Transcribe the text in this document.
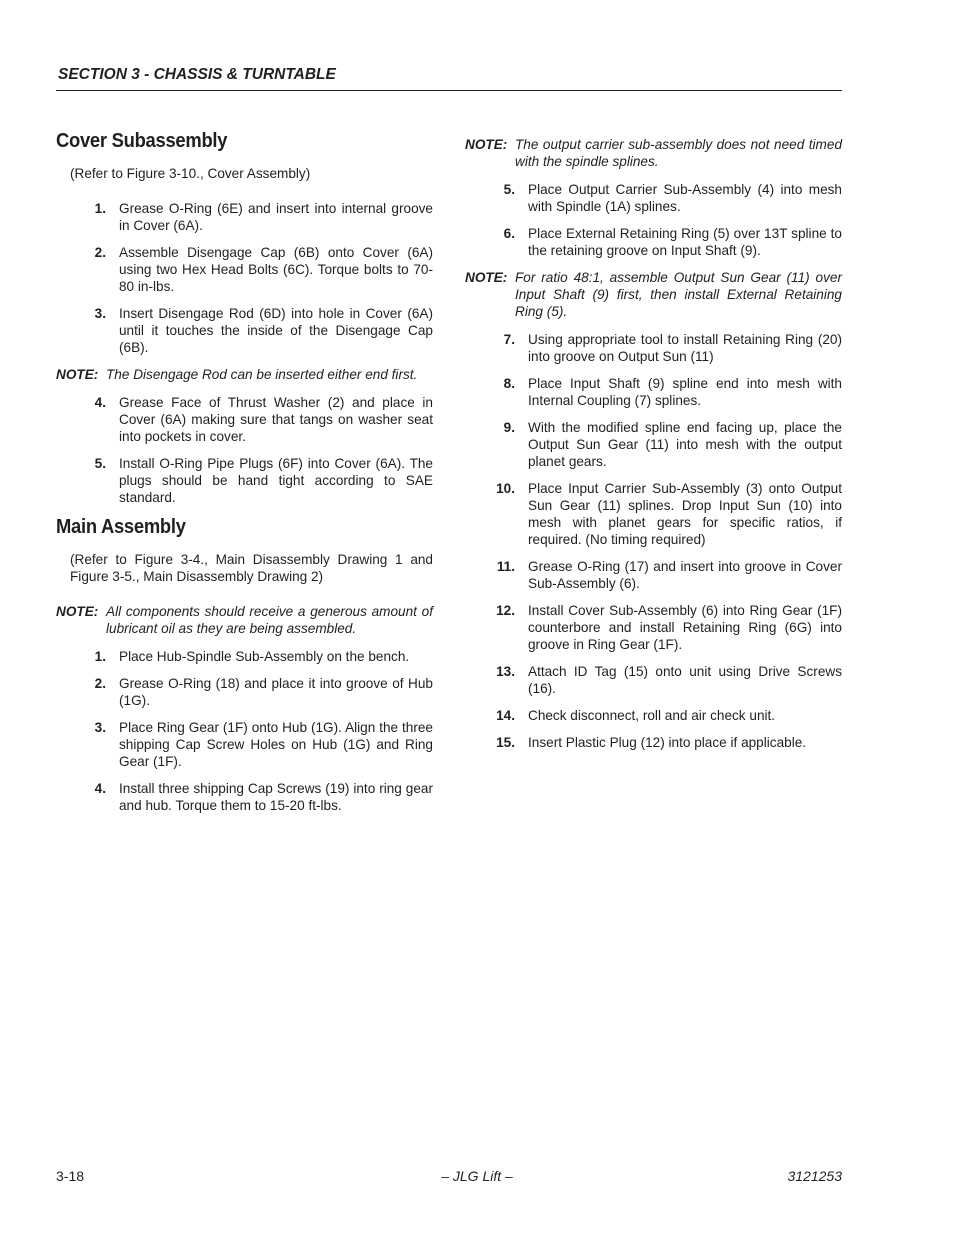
SECTION 3 - CHASSIS & TURNTABLE
Cover Subassembly
(Refer to Figure 3-10., Cover Assembly)
1. Grease O-Ring (6E) and insert into internal groove in Cover (6A).
2. Assemble Disengage Cap (6B) onto Cover (6A) using two Hex Head Bolts (6C). Torque bolts to 70-80 in-lbs.
3. Insert Disengage Rod (6D) into hole in Cover (6A) until it touches the inside of the Disengage Cap (6B).
NOTE: The Disengage Rod can be inserted either end first.
4. Grease Face of Thrust Washer (2) and place in Cover (6A) making sure that tangs on washer seat into pockets in cover.
5. Install O-Ring Pipe Plugs (6F) into Cover (6A). The plugs should be hand tight according to SAE standard.
Main Assembly
(Refer to Figure 3-4., Main Disassembly Drawing 1 and Figure 3-5., Main Disassembly Drawing 2)
NOTE: All components should receive a generous amount of lubricant oil as they are being assembled.
1. Place Hub-Spindle Sub-Assembly on the bench.
2. Grease O-Ring (18) and place it into groove of Hub (1G).
3. Place Ring Gear (1F) onto Hub (1G). Align the three shipping Cap Screw Holes on Hub (1G) and Ring Gear (1F).
4. Install three shipping Cap Screws (19) into ring gear and hub. Torque them to 15-20 ft-lbs.
NOTE: The output carrier sub-assembly does not need timed with the spindle splines.
5. Place Output Carrier Sub-Assembly (4) into mesh with Spindle (1A) splines.
6. Place External Retaining Ring (5) over 13T spline to the retaining groove on Input Shaft (9).
NOTE: For ratio 48:1, assemble Output Sun Gear (11) over Input Shaft (9) first, then install External Retaining Ring (5).
7. Using appropriate tool to install Retaining Ring (20) into groove on Output Sun (11)
8. Place Input Shaft (9) spline end into mesh with Internal Coupling (7) splines.
9. With the modified spline end facing up, place the Output Sun Gear (11) into mesh with the output planet gears.
10. Place Input Carrier Sub-Assembly (3) onto Output Sun Gear (11) splines. Drop Input Sun (10) into mesh with planet gears for specific ratios, if required. (No timing required)
11. Grease O-Ring (17) and insert into groove in Cover Sub-Assembly (6).
12. Install Cover Sub-Assembly (6) into Ring Gear (1F) counterbore and install Retaining Ring (6G) into groove in Ring Gear (1F).
13. Attach ID Tag (15) onto unit using Drive Screws (16).
14. Check disconnect, roll and air check unit.
15. Insert Plastic Plug (12) into place if applicable.
3-18	– JLG Lift –	3121253
